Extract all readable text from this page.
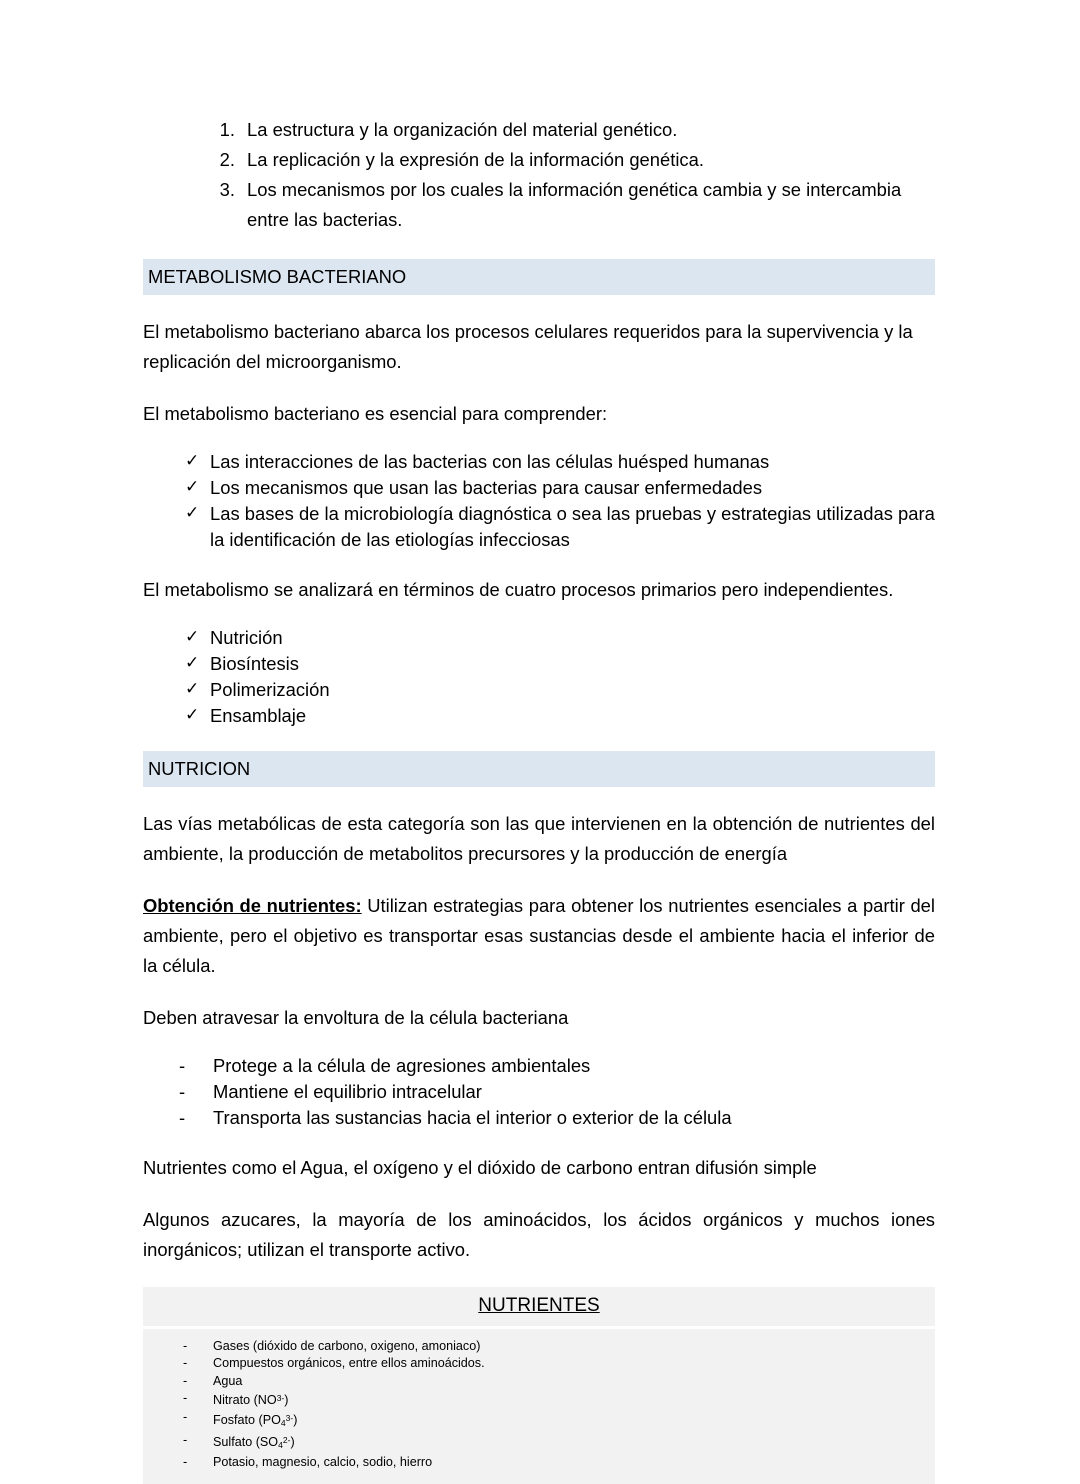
1. La estructura y la organización del material genético.
2. La replicación y la expresión de la información genética.
3. Los mecanismos por los cuales la información genética cambia y se intercambia entre las bacterias.
METABOLISMO BACTERIANO

El metabolismo bacteriano abarca los procesos celulares requeridos para la supervivencia y la replicación del microorganismo.

El metabolismo bacteriano es esencial para comprender:

✓ Las interacciones de las bacterias con las células huésped humanas
✓ Los mecanismos que usan las bacterias para causar enfermedades
✓ Las bases de la microbiología diagnóstica o sea las pruebas y estrategias utilizadas para la identificación de las etiologías infecciosas

El metabolismo se analizará en términos de cuatro procesos primarios pero independientes.

✓ Nutrición
✓ Biosíntesis
✓ Polimerización
✓ Ensamblaje
NUTRICION

Las vías metabólicas de esta categoría son las que intervienen en la obtención de nutrientes del ambiente, la producción de metabolitos precursores y la producción de energía

Obtención de nutrientes: Utilizan estrategias para obtener los nutrientes esenciales a partir del ambiente, pero el objetivo es transportar esas sustancias desde el ambiente hacia el inferior de la célula.

Deben atravesar la envoltura de la célula bacteriana

- Protege a la célula de agresiones ambientales
- Mantiene el equilibrio intracelular
- Transporta las sustancias hacia el interior o exterior de la célula

Nutrientes como el Agua, el oxígeno y el dióxido de carbono entran difusión simple

Algunos azucares, la mayoría de los aminoácidos, los ácidos orgánicos y muchos iones inorgánicos; utilizan el transporte activo.

NUTRIENTES
- Gases (dióxido de carbono, oxigeno, amoniaco)
- Compuestos orgánicos, entre ellos aminoácidos.
- Agua
- Nitrato $(NO^{3-})$
- Fosfato $(PO_4^{3-})$
- Sulfato $(SO_4^{2-})$
- Potasio, magnesio, calcio, sodio, hierro
